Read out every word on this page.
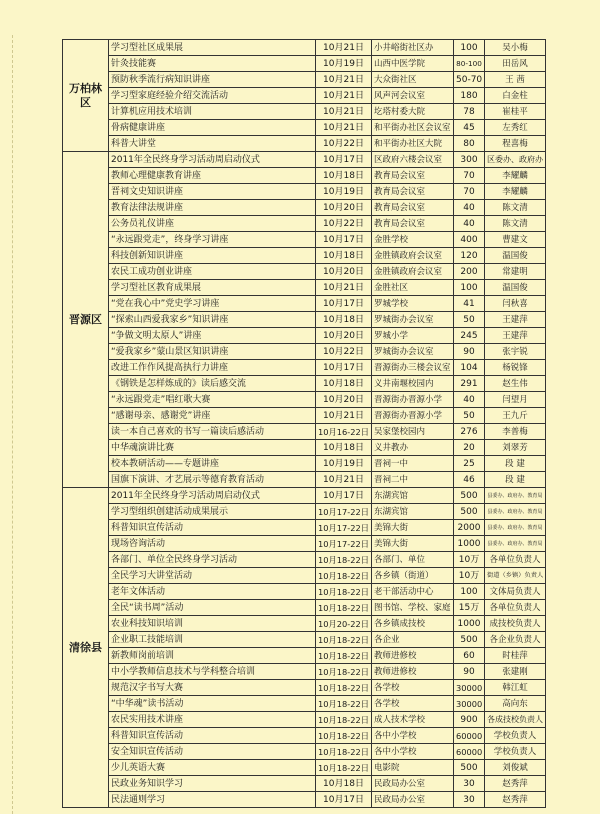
万柏林区	学习型社区成果展	10月21日	小井峪街社区办	100	吴小梅
	针灸技能赛	10月19日	山西中医学院	80-100	田岳风
	预防秋季流行病知识讲座	10月21日	大众街社区	50-70	王 茜
	学习型家庭经验介绍交流活动	10月21日	风声河会议室	180	白金柱
	计算机应用技术培训	10月21日	圪塔村委大院	78	崔桂平
	骨病健康讲座	10月21日	和平街办社区会议室	45	左秀红
	科普大讲堂	10月22日	和平街办社区大院	80	程喜梅
晋源区	2011年全民终身学习活动周启动仪式	10月17日	区政府六楼会议室	300	区委办、政府办
	教师心理健康教育讲座	10月18日	教育局会议室	70	李耀麟
	晋祠文史知识讲座	10月19日	教育局会议室	70	李耀麟
	教育法律法规讲座	10月20日	教育局会议室	40	陈文清
	公务员礼仪讲座	10月22日	教育局会议室	40	陈文清
	“永远跟党走”，终身学习讲座	10月17日	金胜学校	400	曹建文
	科技创新知识讲座	10月18日	金胜镇政府会议室	120	温国俊
	农民工成功创业讲座	10月20日	金胜镇政府会议室	200	常建明
	学习型社区教育成果展	10月21日	金胜社区	100	温国俊
	“党在我心中”党史学习讲座	10月17日	罗城学校	41	闫秋喜
	“探索山西爱我家乡”知识讲座	10月18日	罗城街办会议室	50	王建萍
	“争做文明太原人”讲座	10月20日	罗城小学	245	王建萍
	“爱我家乡”蒙山景区知识讲座	10月22日	罗城街办会议室	90	张宇锐
	改进工作作风提高执行力讲座	10月17日	晋源街办三楼会议室	104	杨锐锋
	《钢铁是怎样炼成的》读后感交流	10月18日	义井南堰校园内	291	赵生伟
	“永远跟党走”唱红歌大赛	10月20日	晋源街办晋源小学	40	闫望月
	“感谢母亲、感谢党”讲座	10月21日	晋源街办晋源小学	50	王九斤
	读一本自己喜欢的书写一篇读后感活动	10月16-22日	吴家堡校园内	276	李普梅
	中华魂演讲比赛	10月18日	义井教办	20	刘翠芳
	校本教研活动——专题讲座	10月19日	晋祠一中	25	段 建
	国旗下演讲、才艺展示等德育教育活动	10月21日	晋祠二中	46	段 建
清徐县	2011年全民终身学习活动周启动仪式	10月17日	东湖宾馆	500	县委办、政府办、教育局
	学习型组织创建活动成果展示	10月17-22日	东湖宾馆	500	县委办、政府办、教育局
	科普知识宣传活动	10月17-22日	美锦大街	2000	县委办、政府办、教育局
	现场咨询活动	10月17-22日	美锦大街	1000	县委办、政府办、教育局
	各部门、单位全民终身学习活动	10月18-22日	各部门、单位	10万	各单位负责人
	全民学习大讲堂活动	10月18-22日	各乡镇（街道）	10万	街道（乡镇）负责人
	老年文体活动	10月18-22日	老干部活动中心	100	文体局负责人
	全民“读书周”活动	10月18-22日	图书馆、学校、家庭	15万	各单位负责人
	农业科技知识培训	10月20-22日	各乡镇成技校	1000	成技校负责人
	企业职工技能培训	10月18-22日	各企业	500	各企业负责人
	新教师岗前培训	10月18-22日	教师进修校	60	时桂萍
	中小学教师信息技术与学科整合培训	10月18-22日	教师进修校	90	张建刚
	规范汉字书写大赛	10月18-22日	各学校	30000	韩江虹
	“中华魂”读书活动	10月18-22日	各学校	30000	高向东
	农民实用技术讲座	10月18-22日	成人技术学校	900	各成技校负责人
	科普知识宣传活动	10月18-22日	各中小学校	60000	学校负责人
	安全知识宣传活动	10月18-22日	各中小学校	60000	学校负责人
	少儿英语大赛	10月18-22日	电影院	500	刘俊斌
	民政业务知识学习	10月18日	民政局办公室	30	赵秀萍
	民法通则学习	10月17日	民政局办公室	30	赵秀萍
